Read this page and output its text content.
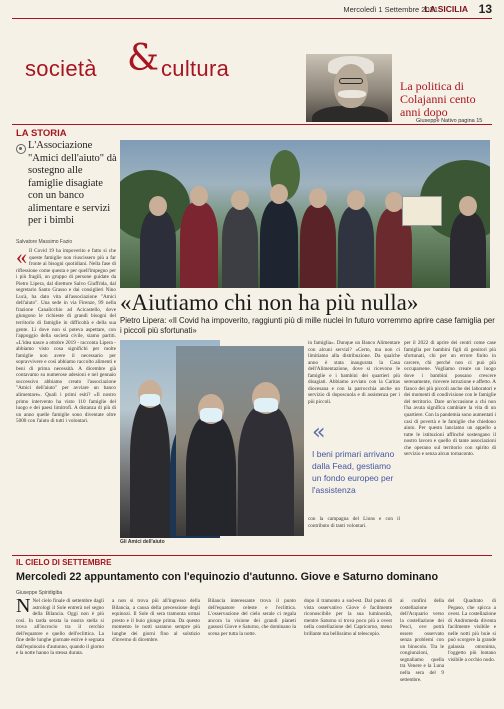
Mercoledì 1 Settembre 2021
LA SICILIA 13
società & cultura
La politica di Colajanni cento anni dopo
Giuseppe Nativo pagina 15
LA STORIA
L'Associazione "Amici dell'aiuto" dà sostegno alle famiglie disagiate con un banco alimentare e servizi per i bimbi
Salvatore Massimo Fazio
« Il Covid 19 ha impoverito e fatto sì che queste famiglie non riuscissero più a far fronte ai bisogni quotidiani. Nella fase di riflessione come questa e per quell'impegno per i più fragili, un gruppo di persone guidate da Pietro Lipera, dal direttore Salvo Giuffrida, dal segretario Santo Grasso e dai consiglieri Nino Lucà, ha dato vita all'associazione "Amici dell'aiuto". Una sede in via Firenze, 99 nella frazione Canalicchio ad Acicastello, dove giungono le richieste di grandi bisogni del territorio di famiglie in difficoltà e della sua gente. Lì dove non si poteva aspettare, con l'appoggio della società civile, siamo partiti. «L'idea nasce a ottobre 2019 - racconta Lipera - abbiamo visto cosa significhi per molte famiglie non avere il necessario per sopravvivere e così abbiamo raccolto alimenti e beni di prima necessità. A dicembre già contavamo su numerose adesioni e nel gennaio successivo abbiamo creato l'associazione "Amici dell'aiuto" per avviare un banco alimentare». Quali i primi esiti? «Il nostro primo intervento ha visto 110 famiglie del luogo e dei paesi limitrofi. A distanza di più di un anno quelle famiglie sono diventate oltre 5000 con l'aiuto di tutti i volontari.
«Aiutiamo chi non ha più nulla»
Pietro Lipera: «Il Covid ha impoverito, raggiunti più di mille nuclei In futuro vorremmo aprire case famiglia per i piccoli più sfortunati»
Gli Amici dell'aiuto
in famiglia». Dunque un Banco Alimentare con alcuni servizi? «Certo, ma non ci limitiamo alla distribuzione. Da qualche anno è stata inaugurata la Casa dell'Alimentazione, dove si ricevono le famiglie e i bambini dei quartieri più disagiati. Abbiamo avviato con la Caritas diocesana e con la parrocchia anche un servizio di doposcuola e di assistenza per i più piccoli.
«
I beni primari arrivano dalla Fead, gestiamo un fondo europeo per l'assistenza
con la campagna del Lions e con il contributo di tanti volontari.
per il 2022 di aprire dei centri come case famiglia per bambini figli di genitori più sfortunati, chi per un errore finito in carcere, chi perché non ci può più occuparsene. Vogliamo creare un luogo dove i bambini possano crescere serenamente, ricevere istruzione e affetto. A fianco dei più piccoli anche dei laboratori e dei momenti di condivisione con le famiglie del territorio. Dare un'occasione a chi non l'ha avuta significa cambiare la vita di un quartiere. Con la pandemia sono aumentati i casi di povertà e le famiglie che chiedono aiuto. Per questo lanciamo un appello a tutte le istituzioni affinché sostengano il nostro lavoro e quello di tante associazioni che operano sul territorio con spirito di servizio e senza alcun tornaconto.
IL CIELO DI SETTEMBRE
Mercoledì 22 appuntamento con l'equinozio d'autunno. Giove e Saturno dominano
Giuseppe Spiridigiba
N Nel cielo finale di settembre dagli astrologi il Sole entrerà nel segno della Bilancia. Oggi non è più così. In tarda serata la nostra stella si trova all'incrocio tra il cerchio dell'equatore e quello dell'eclittica. La fine delle lunghe giornate estive è segnata dall'equinozio d'autunno, quando il giorno e la notte hanno la stessa durata.
a non si trova più all'ingresso della Bilancia, a causa della precessione degli equinozi. Il Sole di sera tramonta ormai presto e il buio giunge prima. Da questo momento le notti saranno sempre più lunghe dei giorni fino al solstizio d'inverno di dicembre.
Bilancia interessante trova il punto dell'equatore celeste e l'eclittica. L'osservazione del cielo serale ci regala ancora la visione dei grandi pianeti gassosi Giove e Saturno, che dominano la scena per tutta la notte.
dopo il tramonto a sud-est. Dal punto di vista osservativo Giove è facilmente riconoscibile per la sua luminosità, mentre Saturno si trova poco più a ovest nella costellazione del Capricorno, meno brillante ma bellissimo al telescopio.
ai confini della costellazione dell'Acquario verso la costellazione dei Pesci, ove potrà essere osservato senza problemi con un binocolo. Tra le congiunzioni, segnaliamo quella tra Venere e la Luna nella sera del 9 settembre.
del Quadrato di Pegaso, che spicca a ovest. La costellazione di Andromeda diventa facilmente visibile e nelle notti più buie si può scorgere la grande galassia omonima, l'oggetto più lontano visibile a occhio nudo.
